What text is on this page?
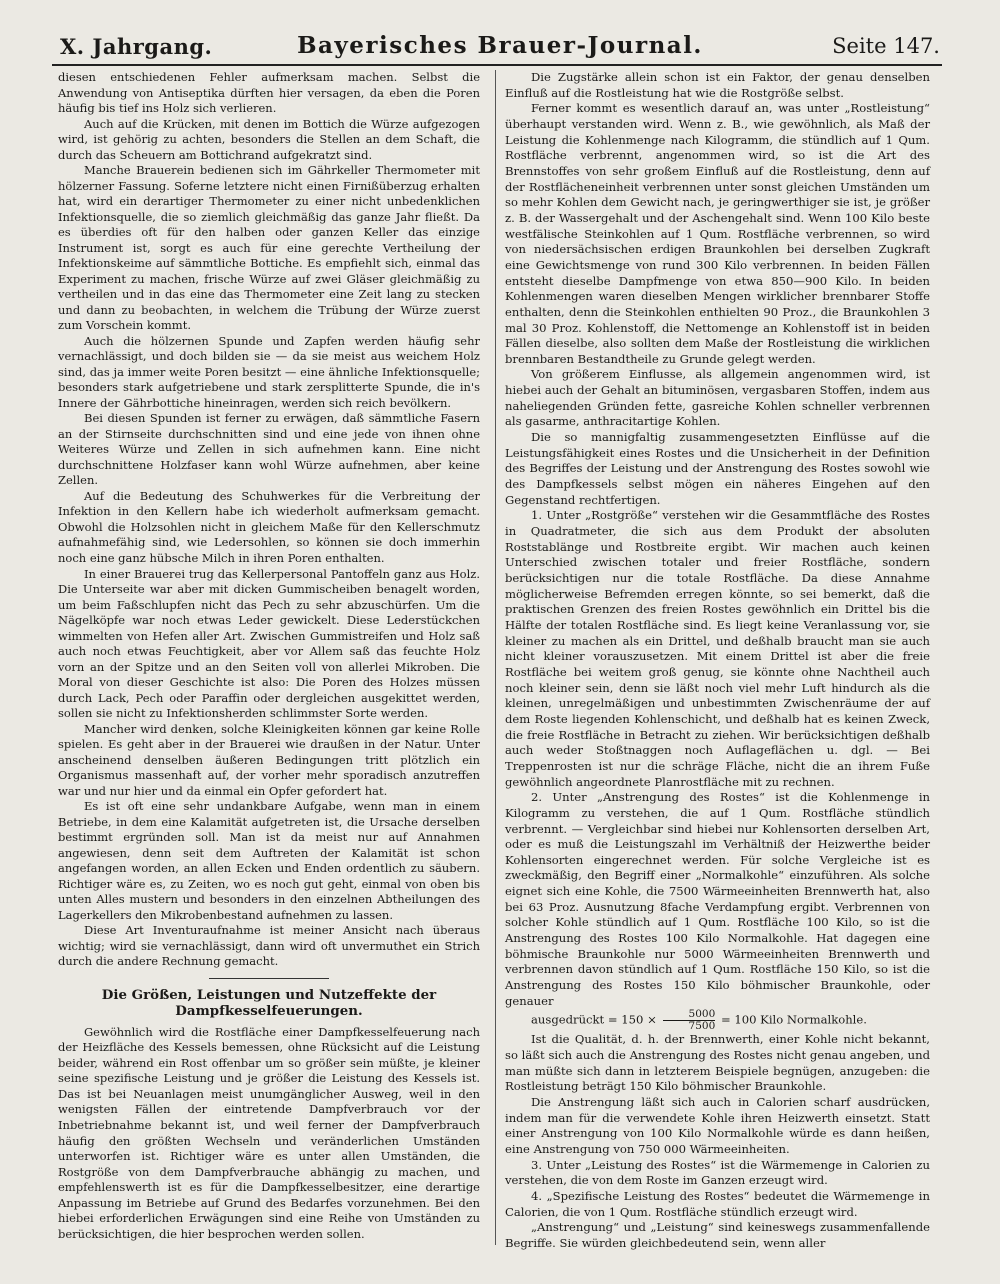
X. Jahrgang.	Bayerisches Brauer-Journal.	Seite 147.

diesen entschiedenen Fehler aufmerksam machen. Selbst die Anwendung von Antiseptika dürften hier versagen, da eben die Poren häufig bis tief ins Holz sich verlieren.

Auch auf die Krücken, mit denen im Bottich die Würze aufgezogen wird, ist gehörig zu achten, besonders die Stellen an dem Schaft, die durch das Scheuern am Bottichrand aufgekratzt sind.

Manche Brauerein bedienen sich im Gährkeller Thermometer mit hölzerner Fassung. Soferne letztere nicht einen Firnißüberzug erhalten hat, wird ein derartiger Thermometer zu einer nicht unbedenklichen Infektionsquelle, die so ziemlich gleichmäßig das ganze Jahr fließt. Da es überdies oft für den halben oder ganzen Keller das einzige Instrument ist, sorgt es auch für eine gerechte Vertheilung der Infektionskeime auf sämmtliche Bottiche. Es empfiehlt sich, einmal das Experiment zu machen, frische Würze auf zwei Gläser gleichmäßig zu vertheilen und in das eine das Thermometer eine Zeit lang zu stecken und dann zu beobachten, in welchem die Trübung der Würze zuerst zum Vorschein kommt.

Auch die hölzernen Spunde und Zapfen werden häufig sehr vernachlässigt, und doch bilden sie — da sie meist aus weichem Holz sind, das ja immer weite Poren besitzt — eine ähnliche Infektionsquelle; besonders stark aufgetriebene und stark zersplitterte Spunde, die in's Innere der Gährbottiche hineinragen, werden sich reich bevölkern.

Bei diesen Spunden ist ferner zu erwägen, daß sämmtliche Fasern an der Stirnseite durchschnitten sind und eine jede von ihnen ohne Weiteres Würze und Zellen in sich aufnehmen kann. Eine nicht durchschnittene Holzfaser kann wohl Würze aufnehmen, aber keine Zellen.

Auf die Bedeutung des Schuhwerkes für die Verbreitung der Infektion in den Kellern habe ich wiederholt aufmerksam gemacht. Obwohl die Holzsohlen nicht in gleichem Maße für den Kellerschmutz aufnahmefähig sind, wie Ledersohlen, so können sie doch immerhin noch eine ganz hübsche Milch in ihren Poren enthalten.

In einer Brauerei trug das Kellerpersonal Pantoffeln ganz aus Holz. Die Unterseite war aber mit dicken Gummischeiben benagelt worden, um beim Faßschlupfen nicht das Pech zu sehr abzuschürfen. Um die Nägelköpfe war noch etwas Leder gewickelt. Diese Lederstückchen wimmelten von Hefen aller Art. Zwischen Gummistreifen und Holz saß auch noch etwas Feuchtigkeit, aber vor Allem saß das feuchte Holz vorn an der Spitze und an den Seiten voll von allerlei Mikroben. Die Moral von dieser Geschichte ist also: Die Poren des Holzes müssen durch Lack, Pech oder Paraffin oder dergleichen ausgekittet werden, sollen sie nicht zu Infektionsherden schlimmster Sorte werden.

Mancher wird denken, solche Kleinigkeiten können gar keine Rolle spielen. Es geht aber in der Brauerei wie draußen in der Natur. Unter anscheinend denselben äußeren Bedingungen tritt plötzlich ein Organismus massenhaft auf, der vorher mehr sporadisch anzutreffen war und nur hier und da einmal ein Opfer gefordert hat.

Es ist oft eine sehr undankbare Aufgabe, wenn man in einem Betriebe, in dem eine Kalamität aufgetreten ist, die Ursache derselben bestimmt ergründen soll. Man ist da meist nur auf Annahmen angewiesen, denn seit dem Auftreten der Kalamität ist schon angefangen worden, an allen Ecken und Enden ordentlich zu säubern. Richtiger wäre es, zu Zeiten, wo es noch gut geht, einmal von oben bis unten Alles mustern und besonders in den einzelnen Abtheilungen des Lagerkellers den Mikrobenbestand aufnehmen zu lassen.

Diese Art Inventuraufnahme ist meiner Ansicht nach überaus wichtig; wird sie vernachlässigt, dann wird oft unvermuthet ein Strich durch die andere Rechnung gemacht.

Die Größen, Leistungen und Nutzeffekte der Dampfkesselfeuerungen.

Gewöhnlich wird die Rostfläche einer Dampfkesselfeuerung nach der Heizfläche des Kessels bemessen, ohne Rücksicht auf die Leistung beider, während ein Rost offenbar um so größer sein müßte, je kleiner seine spezifische Leistung und je größer die Leistung des Kessels ist. Das ist bei Neuanlagen meist unumgänglicher Ausweg, weil in den wenigsten Fällen der eintretende Dampfverbrauch vor der Inbetriebnahme bekannt ist, und weil ferner der Dampfverbrauch häufig den größten Wechseln und veränderlichen Umständen unterworfen ist. Richtiger wäre es unter allen Umständen, die Rostgröße von dem Dampfverbrauche abhängig zu machen, und empfehlenswerth ist es für die Dampfkesselbesitzer, eine derartige Anpassung im Betriebe auf Grund des Bedarfes vorzunehmen. Bei den hiebei erforderlichen Erwägungen sind eine Reihe von Umständen zu berücksichtigen, die hier besprochen werden sollen.

Die Zugstärke allein schon ist ein Faktor, der genau denselben Einfluß auf die Rostleistung hat wie die Rostgröße selbst.

Ferner kommt es wesentlich darauf an, was unter „Rostleistung“ überhaupt verstanden wird. Wenn z. B., wie gewöhnlich, als Maß der Leistung die Kohlenmenge nach Kilogramm, die stündlich auf 1 Qum. Rostfläche verbrennt, angenommen wird, so ist die Art des Brennstoffes von sehr großem Einfluß auf die Rostleistung, denn auf der Rostflächeneinheit verbrennen unter sonst gleichen Umständen um so mehr Kohlen dem Gewicht nach, je geringwerthiger sie ist, je größer z. B. der Wassergehalt und der Aschengehalt sind. Wenn 100 Kilo beste westfälische Steinkohlen auf 1 Qum. Rostfläche verbrennen, so wird von niedersächsischen erdigen Braunkohlen bei derselben Zugkraft eine Gewichtsmenge von rund 300 Kilo verbrennen. In beiden Fällen entsteht dieselbe Dampfmenge von etwa 850—900 Kilo. In beiden Kohlenmengen waren dieselben Mengen wirklicher brennbarer Stoffe enthalten, denn die Steinkohlen enthielten 90 Proz., die Braunkohlen 3 mal 30 Proz. Kohlenstoff, die Nettomenge an Kohlenstoff ist in beiden Fällen dieselbe, also sollten dem Maße der Rostleistung die wirklichen brennbaren Bestandtheile zu Grunde gelegt werden.

Von größerem Einflusse, als allgemein angenommen wird, ist hiebei auch der Gehalt an bituminösen, vergasbaren Stoffen, indem aus naheliegenden Gründen fette, gasreiche Kohlen schneller verbrennen als gasarme, anthracitartige Kohlen.

Die so mannigfaltig zusammengesetzten Einflüsse auf die Leistungsfähigkeit eines Rostes und die Unsicherheit in der Definition des Begriffes der Leistung und der Anstrengung des Rostes sowohl wie des Dampfkessels selbst mögen ein näheres Eingehen auf den Gegenstand rechtfertigen.

1. Unter „Rostgröße“ verstehen wir die Gesammtfläche des Rostes in Quadratmeter, die sich aus dem Produkt der absoluten Roststablänge und Rostbreite ergibt. Wir machen auch keinen Unterschied zwischen totaler und freier Rostfläche, sondern berücksichtigen nur die totale Rostfläche. Da diese Annahme möglicherweise Befremden erregen könnte, so sei bemerkt, daß die praktischen Grenzen des freien Rostes gewöhnlich ein Drittel bis die Hälfte der totalen Rostfläche sind. Es liegt keine Veranlassung vor, sie kleiner zu machen als ein Drittel, und deßhalb braucht man sie auch nicht kleiner vorauszusetzen. Mit einem Drittel ist aber die freie Rostfläche bei weitem groß genug, sie könnte ohne Nachtheil auch noch kleiner sein, denn sie läßt noch viel mehr Luft hindurch als die kleinen, unregelmäßigen und unbestimmten Zwischenräume der auf dem Roste liegenden Kohlenschicht, und deßhalb hat es keinen Zweck, die freie Rostfläche in Betracht zu ziehen. Wir berücksichtigen deßhalb auch weder Stoßtnaggen noch Auflageflächen u. dgl. — Bei Treppenrosten ist nur die schräge Fläche, nicht die an ihrem Fuße gewöhnlich angeordnete Planrostfläche mit zu rechnen.

2. Unter „Anstrengung des Rostes“ ist die Kohlenmenge in Kilogramm zu verstehen, die auf 1 Qum. Rostfläche stündlich verbrennt. — Vergleichbar sind hiebei nur Kohlensorten derselben Art, oder es muß die Leistungszahl im Verhältniß der Heizwerthe beider Kohlensorten eingerechnet werden. Für solche Vergleiche ist es zweckmäßig, den Begriff einer „Normalkohle“ einzuführen. Als solche eignet sich eine Kohle, die 7500 Wärmeeinheiten Brennwerth hat, also bei 63 Proz. Ausnutzung 8fache Verdampfung ergibt. Verbrennen von solcher Kohle stündlich auf 1 Qum. Rostfläche 100 Kilo, so ist die Anstrengung des Rostes 100 Kilo Normalkohle. Hat dagegen eine böhmische Braunkohle nur 5000 Wärmeeinheiten Brennwerth und verbrennen davon stündlich auf 1 Qum. Rostfläche 150 Kilo, so ist die Anstrengung des Rostes 150 Kilo böhmischer Braunkohle, oder genauer

ausgedrückt = $150 \times \frac{5000}{7500} = 100$ Kilo Normalkohle.

Ist die Qualität, d. h. der Brennwerth, einer Kohle nicht bekannt, so läßt sich auch die Anstrengung des Rostes nicht genau angeben, und man müßte sich dann in letzterem Beispiele begnügen, anzugeben: die Rostleistung beträgt 150 Kilo böhmischer Braunkohle.

Die Anstrengung läßt sich auch in Calorien scharf ausdrücken, indem man für die verwendete Kohle ihren Heizwerth einsetzt. Statt einer Anstrengung von 100 Kilo Normalkohle würde es dann heißen, eine Anstrengung von 750 000 Wärmeeinheiten.

3. Unter „Leistung des Rostes“ ist die Wärmemenge in Calorien zu verstehen, die von dem Roste im Ganzen erzeugt wird.

4. „Spezifische Leistung des Rostes“ bedeutet die Wärmemenge in Calorien, die von 1 Qum. Rostfläche stündlich erzeugt wird.

„Anstrengung“ und „Leistung“ sind keineswegs zusammenfallende Begriffe. Sie würden gleichbedeutend sein, wenn aller
